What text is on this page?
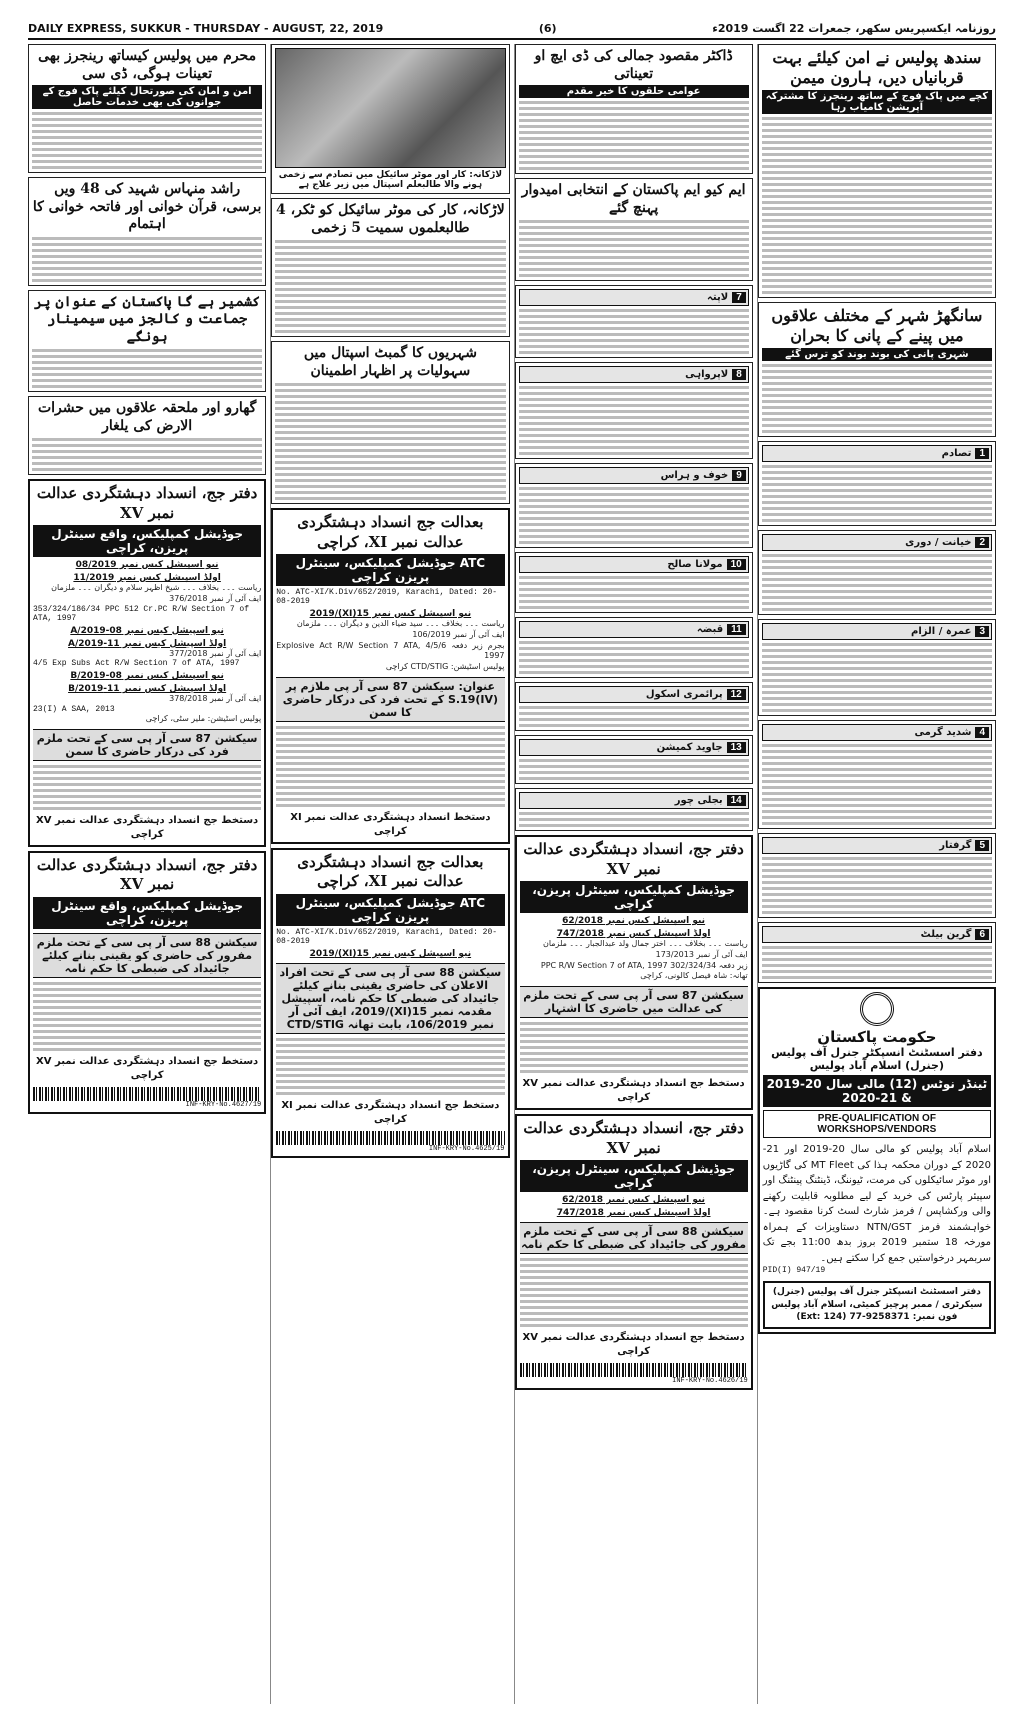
DAILY EXPRESS, SUKKUR - THURSDAY - AUGUST, 22, 2019	(6)	روزنامہ ایکسپریس سکھر، جمعرات 22 اگست 2019ء
سندھ پولیس نے امن کیلئے بہت قربانیاں دیں، ہارون میمن
کچے میں پاک فوج کے ساتھ رینجرز کا مشترکہ آپریشن کامیاب رہا
سانگھڑ شہر کے مختلف علاقوں میں پینے کے پانی کا بحران
شہری پانی کی بوند بوند کو ترس گئے
1
تصادم
2
خیانت / دوری
3
عمرہ / الزام
4
شدید گرمی
5
گرفتار
6
گرین بیلٹ
حکومت پاکستان
دفتر اسسٹنٹ انسپکٹر جنرل آف پولیس (جنرل) اسلام آباد پولیس
ٹینڈر نوٹس (12) مالی سال 20-2019 & 21-2020
PRE-QUALIFICATION OF WORKSHOPS/VENDORS
اسلام آباد پولیس کو مالی سال 20-2019 اور 21-2020 کے دوران محکمہ ہذا کی MT Fleet کی گاڑیوں اور موٹر سائیکلوں کی مرمت، ٹیوننگ، ڈینٹنگ پینٹنگ اور سپیئر پارٹس کی خرید کے لیے مطلوبہ قابلیت رکھنے والی ورکشاپس / فرمز شارٹ لسٹ کرنا مقصود ہے۔ خواہشمند فرمز NTN/GST دستاویزات کے ہمراہ مورخہ 18 ستمبر 2019 بروز بدھ 11:00 بجے تک سربمہر درخواستیں جمع کرا سکتے ہیں۔
PID(I) 947/19
دفتر اسسٹنٹ انسپکٹر جنرل آف پولیس (جنرل) سیکرٹری / ممبر پرچیز کمیٹی، اسلام آباد پولیس
فون نمبر: 9258371-77 (Ext: 124)
ڈاکٹر مقصود جمالی کی ڈی ایچ او تعیناتی
عوامی حلقوں کا خیر مقدم
ایم کیو ایم پاکستان کے انتخابی امیدوار پہنچ گئے
7
لاپتہ
8
لاپرواہی
9
خوف و ہراس
10
مولانا صالح
11
قبضہ
12
پرائمری اسکول
13
جاوید کمیشن
14
بجلی چور
دفتر جج، انسداد دہشتگردی عدالت نمبر XV
جوڈیشل کمپلیکس، سینٹرل پریزن، کراچی
نیو اسپیشل کیس نمبر 62/2018
اولڈ اسپیشل کیس نمبر 747/2018
ریاست ۔۔۔ بخلاف ۔۔۔ اختر جمال ولد عبدالجبار ۔۔۔ ملزمان
ایف آئی آر نمبر 173/2013
زیر دفعہ 302/324/34 PPC R/W Section 7 of ATA, 1997
تھانہ: شاہ فیصل کالونی، کراچی
سیکشن 87 سی آر پی سی کے تحت ملزم کی عدالت میں حاضری کا اشتہار
دستخط جج انسداد دہشتگردی عدالت نمبر XV کراچی
دفتر جج، انسداد دہشتگردی عدالت نمبر XV
جوڈیشل کمپلیکس، سینٹرل پریزن، کراچی
نیو اسپیشل کیس نمبر 62/2018
اولڈ اسپیشل کیس نمبر 747/2018
سیکشن 88 سی آر پی سی کے تحت ملزم مفرور کی جائیداد کی ضبطی کا حکم نامہ
دستخط جج انسداد دہشتگردی عدالت نمبر XV کراچی
INF-KRY-No.4626/19
لاڑکانہ: کار اور موٹر سائیکل میں تصادم سے زخمی ہونے والا طالبعلم اسپتال میں زیر علاج ہے
لاڑکانہ، کار کی موٹر سائیکل کو ٹکر، 4 طالبعلموں سمیت 5 زخمی
شہریوں کا گمبٹ اسپتال میں سہولیات پر اظہار اطمینان
بعدالت جج انسداد دہشتگردی عدالت نمبر XI، کراچی
ATC جوڈیشل کمپلیکس، سینٹرل پریزن کراچی
No. ATC-XI/K.Div/652/2019, Karachi, Dated: 20-08-2019
نیو اسپیشل کیس نمبر 15(XI)/2019
ریاست ۔۔۔ بخلاف ۔۔۔ سید ضیاء الدین و دیگران ۔۔۔ ملزمان
ایف آئی آر نمبر 106/2019
بجرم زیر دفعہ 4/5/6 Explosive Act R/W Section 7 ATA, 1997
پولیس اسٹیشن: CTD/STIG کراچی
عنوان: سیکشن 87 سی آر پی ملازم پر S.19(IV) کے تحت فرد کی درکار حاضری کا سمن
دستخط انسداد دہشتگردی عدالت نمبر XI کراچی
بعدالت جج انسداد دہشتگردی عدالت نمبر XI، کراچی
ATC جوڈیشل کمپلیکس، سینٹرل پریزن کراچی
No. ATC-XI/K.Div/652/2019, Karachi, Dated: 20-08-2019
نیو اسپیشل کیس نمبر 15(XI)/2019
سیکشن 88 سی آر پی سی کے تحت افراد الاعلان کی حاضری یقینی بنانے کیلئے جائیداد کی ضبطی کا حکم نامہ، اسپیشل مقدمہ نمبر 15(XI)/2019، ایف آئی آر نمبر 106/2019، بابت تھانہ CTD/STIG
دستخط جج انسداد دہشتگردی عدالت نمبر XI کراچی
INF-KRY-No.4625/19
محرم میں پولیس کیساتھ رینجرز بھی تعینات ہوگی، ڈی سی
امن و امان کی صورتحال کیلئے پاک فوج کے جوانوں کی بھی خدمات حاصل
راشد منہاس شہید کی 48 ویں برسی، قرآن خوانی اور فاتحہ خوانی کا اہتمام
کشمیر ہے گا پاکستان کے عنوان پر جماعت و کالجز میں سیمینار ہونگے
گھارو اور ملحقہ علاقوں میں حشرات الارض کی یلغار
دفتر جج، انسداد دہشتگردی عدالت نمبر XV
جوڈیشل کمپلیکس، واقع سینٹرل پریزن، کراچی
نیو اسپیشل کیس نمبر 08/2019
اولڈ اسپیشل کیس نمبر 11/2019
ریاست ۔۔۔ بخلاف ۔۔۔ شیخ اظہر سلام و دیگران ۔۔۔ ملزمان
ایف آئی آر نمبر 376/2018
353/324/186/34 PPC 512 Cr.PC R/W Section 7 of ATA, 1997
نیو اسپیشل کیس نمبر 08-A/2019
اولڈ اسپیشل کیس نمبر 11-A/2019
ایف آئی آر نمبر 377/2018
4/5 Exp Subs Act R/W Section 7 of ATA, 1997
نیو اسپیشل کیس نمبر 08-B/2019
اولڈ اسپیشل کیس نمبر 11-B/2019
ایف آئی آر نمبر 378/2018
23(I) A SAA, 2013
پولیس اسٹیشن: ملیر سٹی، کراچی
سیکشن 87 سی آر پی سی کے تحت ملزم فرد کی درکار حاضری کا سمن
دستخط جج انسداد دہشتگردی عدالت نمبر XV کراچی
دفتر جج، انسداد دہشتگردی عدالت نمبر XV
جوڈیشل کمپلیکس، واقع سینٹرل پریزن، کراچی
سیکشن 88 سی آر پی سی کے تحت ملزم مفرور کی حاضری کو یقینی بنانے کیلئے جائیداد کی ضبطی کا حکم نامہ
دستخط جج انسداد دہشتگردی عدالت نمبر XV کراچی
INF-KRY-No.4627/19
